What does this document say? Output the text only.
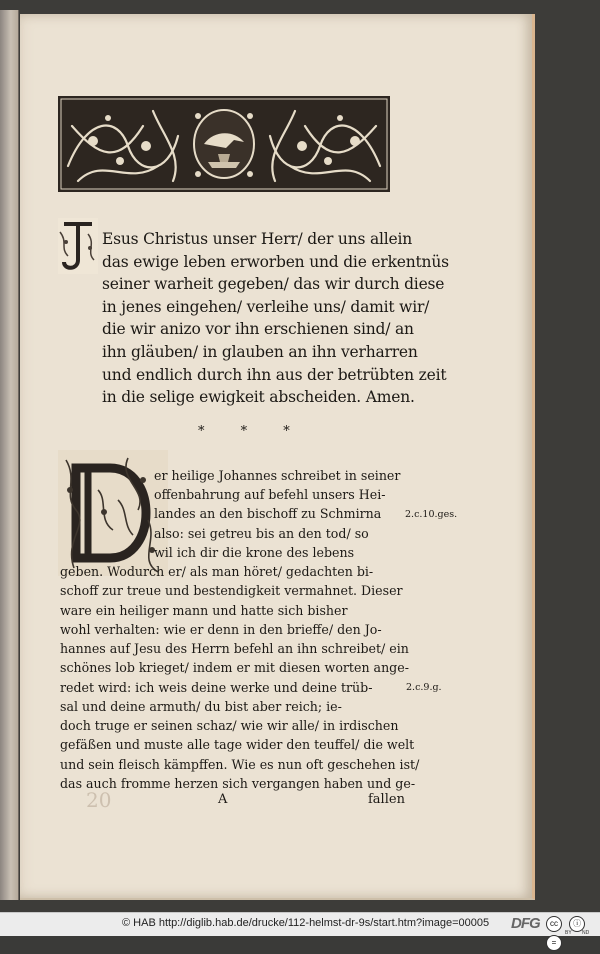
Esus Christus unser Herr/ der uns allein
das ewige leben erworben und die erkentnüs
seiner warheit gegeben/ das wir durch diese
in jenes eingehen/ verleihe uns/ damit wir/
die wir anizo vor ihn erschienen sind/ an
ihn gläuben/ in glauben an ihn verharren
und endlich durch ihn aus der betrübten zeit
in die selige ewigkeit abscheiden. Amen.
* * *
er heilige Johannes schreibet in seiner
offenbahrung auf befehl unsers Hei-
landes an den bischoff zu Schmirna
also: sei getreu bis an den tod/ so
wil ich dir die krone des lebens
geben. Wodurch er/ als man höret/ gedachten bi-
schoff zur treue und bestendigkeit vermahnet. Dieser
ware ein heiliger mann und hatte sich bisher
wohl verhalten: wie er denn in den brieffe/ den Jo-
hannes auf Jesu des Herrn befehl an ihn schreibet/ ein
schönes lob krieget/ indem er mit diesen worten ange-
redet wird: ich weis deine werke und deine trüb-
sal und deine armuth/ du bist aber reich; ie-
doch truge er seinen schaz/ wie wir alle/ in irdischen
gefäßen und muste alle tage wider den teuffel/ die welt
und sein fleisch kämpffen. Wie es nun oft geschehen ist/
das auch fromme herzen sich vergangen haben und ge-
2.c.10.ges.
2.c.9.g.
A	fallen
20
© HAB http://diglib.hab.de/drucke/112-helmst-dr-9s/start.htm?image=00005 DFG	cc ⓘ =
BY ND
